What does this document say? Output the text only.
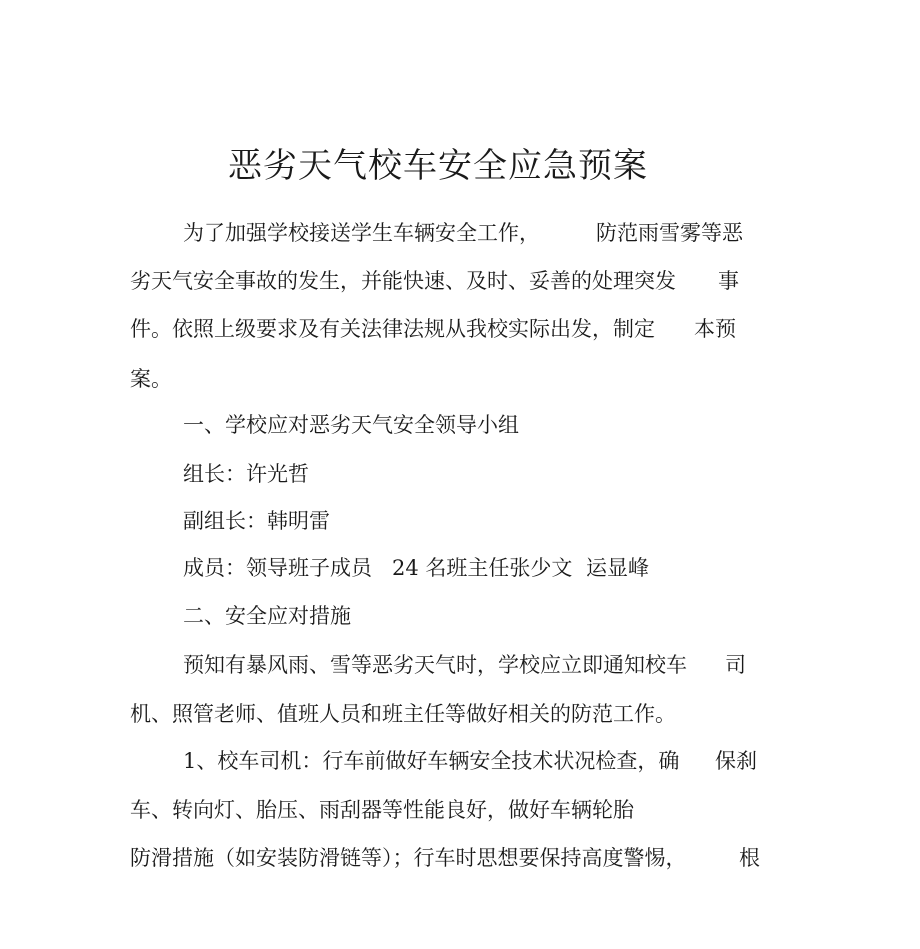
恶劣天气校车安全应急预案
为了加强学校接送学生车辆安全工作，	防范雨雪雾等恶
劣天气安全事故的发生，并能快速、及时、妥善的处理突发 事
件。依照上级要求及有关法律法规从我校实际出发，制定 本预
案。
一、学校应对恶劣天气安全领导小组
组长：许光哲
副组长：韩明雷
成员：领导班子成员 24 名班主任张少文 运显峰
二、安全应对措施
预知有暴风雨、雪等恶劣天气时，学校应立即通知校车 司
机、照管老师、值班人员和班主任等做好相关的防范工作。
1、校车司机：行车前做好车辆安全技术状况检查，确 保刹
车、转向灯、胎压、雨刮器等性能良好，做好车辆轮胎
防滑措施（如安装防滑链等）；行车时思想要保持高度警惕，	根
